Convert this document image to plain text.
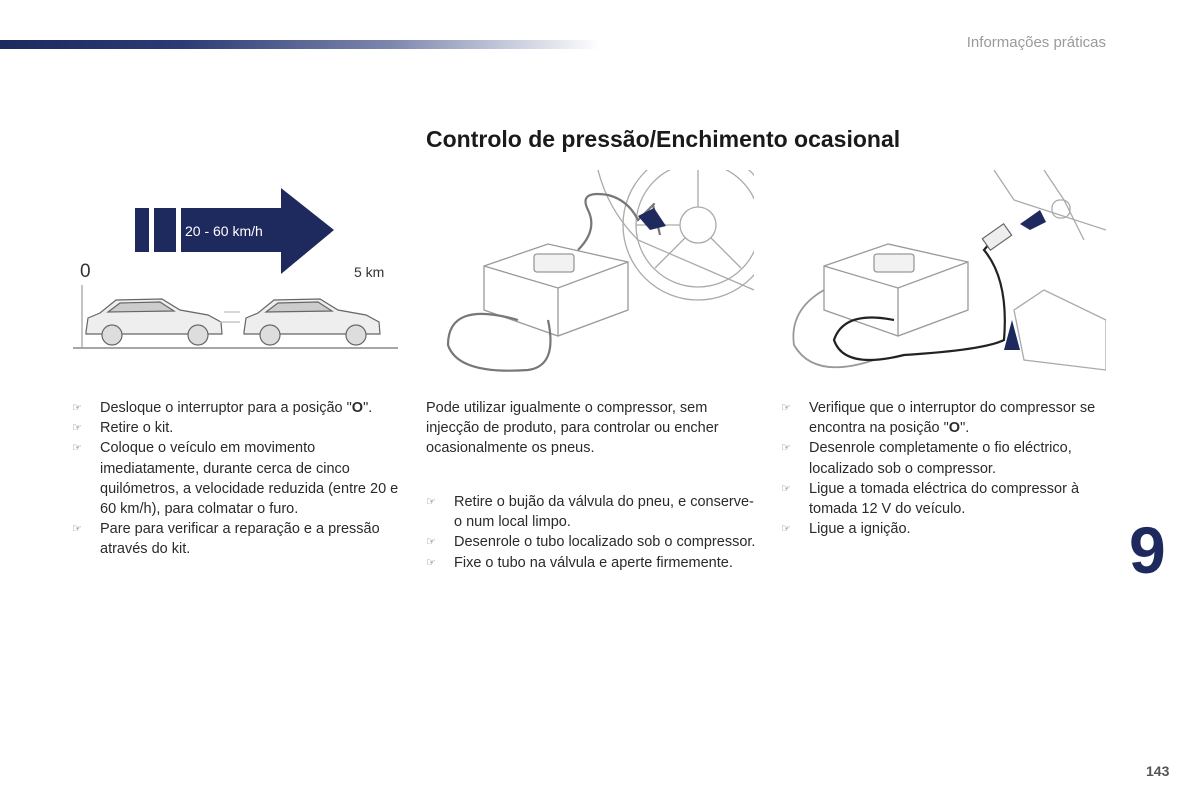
Informações práticas
Controlo de pressão/Enchimento ocasional
20 - 60 km/h
0	5 km
☞ Desloque o interruptor para a posição "O".
☞ Retire o kit.
☞ Coloque o veículo em movimento imediatamente, durante cerca de cinco quilómetros, a velocidade reduzida (entre 20 e 60 km/h), para colmatar o furo.
☞ Pare para verificar a reparação e a pressão através do kit.
Pode utilizar igualmente o compressor, sem injecção de produto, para controlar ou encher ocasionalmente os pneus.
☞ Retire o bujão da válvula do pneu, e conserve-o num local limpo.
☞ Desenrole o tubo localizado sob o compressor.
☞ Fixe o tubo na válvula e aperte firmemente.
☞ Verifique que o interruptor do compressor se encontra na posição "O".
☞ Desenrole completamente o fio eléctrico, localizado sob o compressor.
☞ Ligue a tomada eléctrica do compressor à tomada 12 V do veículo.
☞ Ligue a ignição.	9
143
